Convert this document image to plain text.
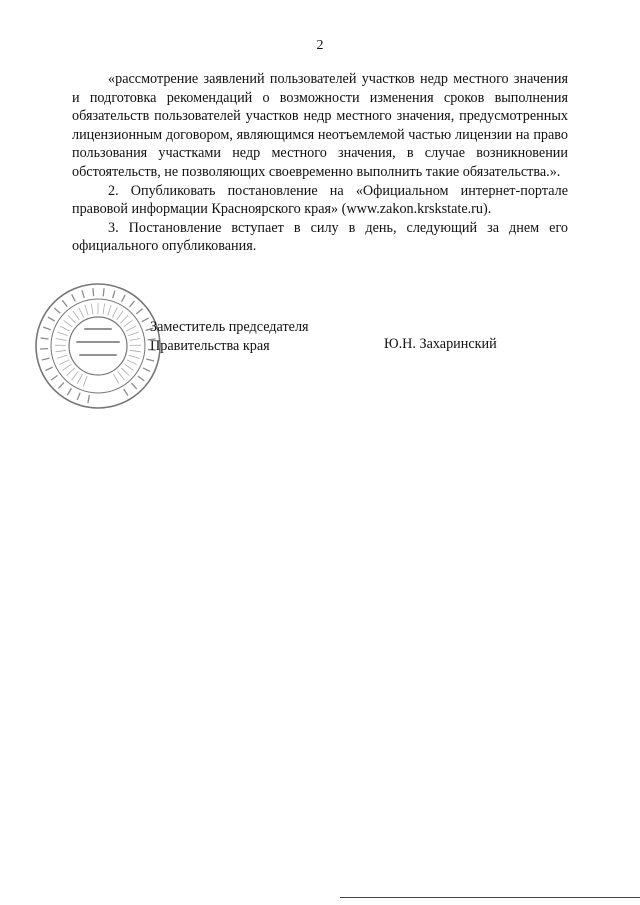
2

«рассмотрение заявлений пользователей участков недр местного значения и подготовка рекомендаций о возможности изменения сроков выполнения обязательств пользователей участков недр местного значения, предусмотренных лицензионным договором, являющимся неотъемлемой частью лицензии на право пользования участками недр местного значения, в случае возникновении обстоятельств, не позволяющих своевременно выполнить такие обязательства.».

2. Опубликовать постановление на «Официальном интернет-портале правовой информации Красноярского края» (www.zakon.krskstate.ru).

3. Постановление вступает в силу в день, следующий за днем его официального опубликования.

Заместитель председателя
Правительства края	Ю.Н. Захаринский
